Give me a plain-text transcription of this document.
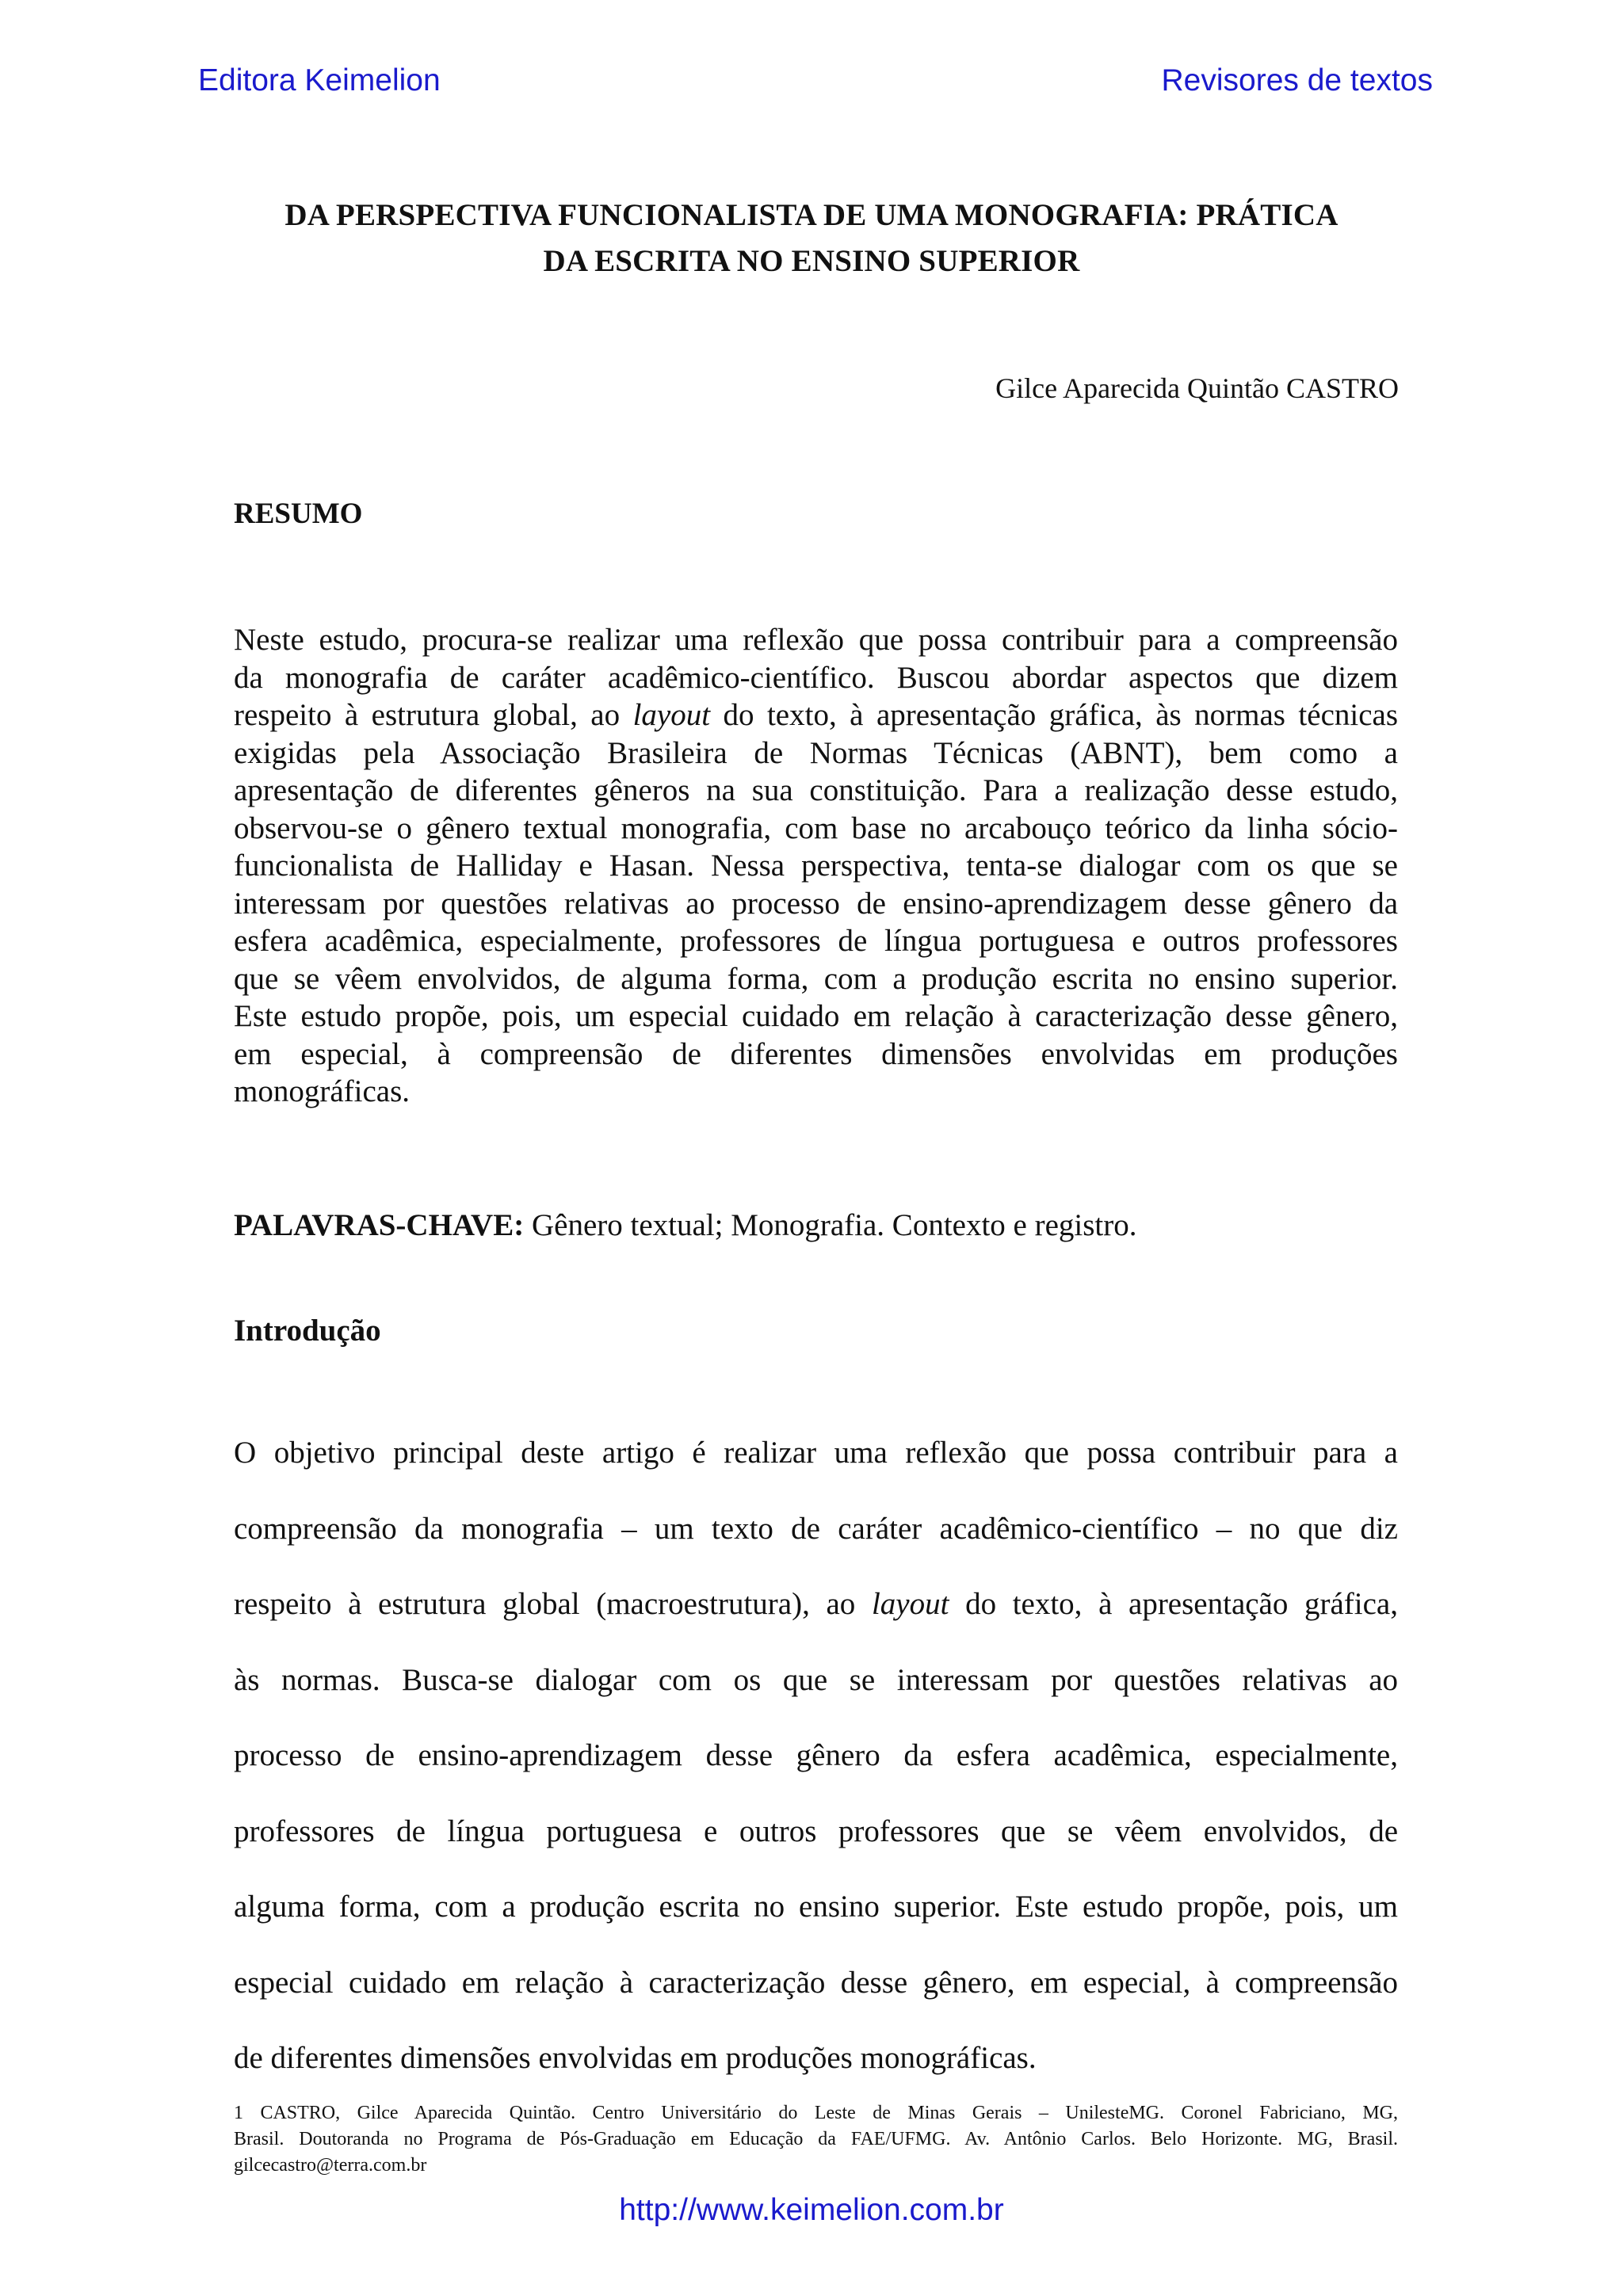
Editora Keimelion	Revisores de textos
DA PERSPECTIVA FUNCIONALISTA DE UMA MONOGRAFIA: PRÁTICA
DA ESCRITA NO ENSINO SUPERIOR
Gilce Aparecida Quintão CASTRO
RESUMO
Neste estudo, procura-se realizar uma reflexão que possa contribuir para a compreensão
da monografia de caráter acadêmico-científico. Buscou abordar aspectos que dizem
respeito à estrutura global, ao layout do texto, à apresentação gráfica, às normas técnicas
exigidas pela Associação Brasileira de Normas Técnicas (ABNT), bem como a
apresentação de diferentes gêneros na sua constituição. Para a realização desse estudo,
observou-se o gênero textual monografia, com base no arcabouço teórico da linha sócio-
funcionalista de Halliday e Hasan. Nessa perspectiva, tenta-se dialogar com os que se
interessam por questões relativas ao processo de ensino-aprendizagem desse gênero da
esfera acadêmica, especialmente, professores de língua portuguesa e outros professores
que se vêem envolvidos, de alguma forma, com a produção escrita no ensino superior.
Este estudo propõe, pois, um especial cuidado em relação à caracterização desse gênero,
em especial, à compreensão de diferentes dimensões envolvidas em produções
monográficas.
PALAVRAS-CHAVE: Gênero textual; Monografia. Contexto e registro.
Introdução
O objetivo principal deste artigo é realizar uma reflexão que possa contribuir para a
compreensão da monografia – um texto de caráter acadêmico-científico – no que diz
respeito à estrutura global (macroestrutura), ao layout do texto, à apresentação gráfica,
às normas. Busca-se dialogar com os que se interessam por questões relativas ao
processo de ensino-aprendizagem desse gênero da esfera acadêmica, especialmente,
professores de língua portuguesa e outros professores que se vêem envolvidos, de
alguma forma, com a produção escrita no ensino superior. Este estudo propõe, pois, um
especial cuidado em relação à caracterização desse gênero, em especial, à compreensão
de diferentes dimensões envolvidas em produções monográficas.
1 CASTRO, Gilce Aparecida Quintão. Centro Universitário do Leste de Minas Gerais – UnilesteMG. Coronel Fabriciano, MG,
Brasil. Doutoranda no Programa de Pós-Graduação em Educação da FAE/UFMG. Av. Antônio Carlos. Belo Horizonte. MG, Brasil.
gilcecastro@terra.com.br
http://www.keimelion.com.br
